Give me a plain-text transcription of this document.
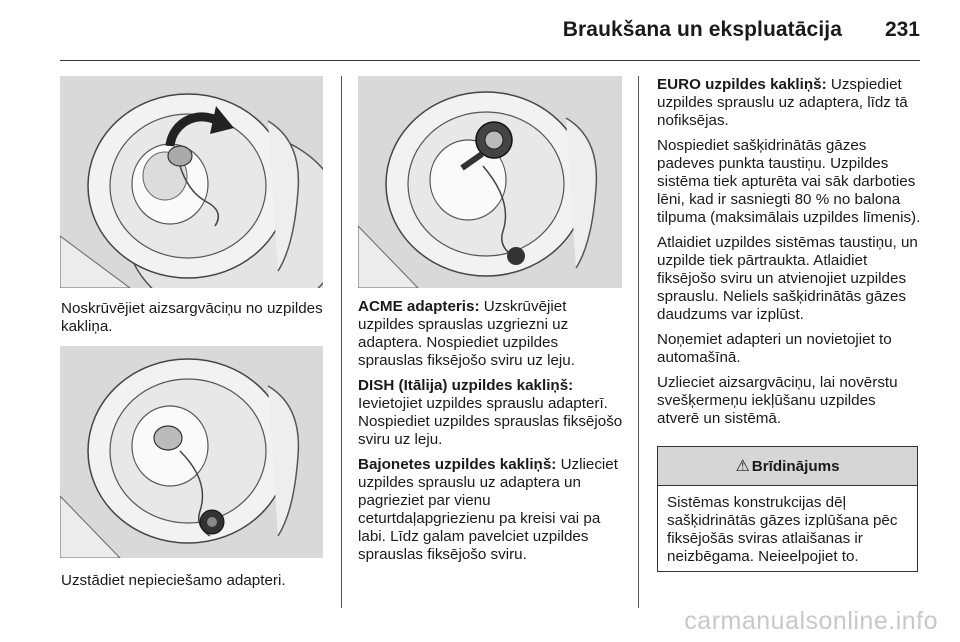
Braukšana un ekspluatācija 231
Noskrūvējiet aizsargvāciņu no uzpildes kakliņa.
Uzstādiet nepieciešamo adapteri.

ACME adapteris: Uzskrūvējiet uzpildes sprauslas uzgriezni uz adaptera. Nospiediet uzpildes sprauslas fiksējošo sviru uz leju.

DISH (Itālija) uzpildes kakliņš: Ievietojiet uzpildes sprauslu adapterī. Nospiediet uzpildes sprauslas fiksējošo sviru uz leju.

Bajonetes uzpildes kakliņš: Uzlieciet uzpildes sprauslu uz adaptera un pagrieziet par vienu ceturtdaļapgriezienu pa kreisi vai pa labi. Līdz galam pavelciet uzpildes sprauslas fiksējošo sviru.

EURO uzpildes kakliņš: Uzspiediet uzpildes sprauslu uz adaptera, līdz tā nofiksējas.

Nospiediet sašķidrinātās gāzes padeves punkta taustiņu. Uzpildes sistēma tiek apturēta vai sāk darboties lēni, kad ir sasniegti 80 % no balona tilpuma (maksimālais uzpildes līmenis).

Atlaidiet uzpildes sistēmas taustiņu, un uzpilde tiek pārtraukta. Atlaidiet fiksējošo sviru un atvienojiet uzpildes sprauslu. Neliels sašķidrinātās gāzes daudzums var izplūst.

Noņemiet adapteri un novietojiet to automašīnā.

Uzlieciet aizsargvāciņu, lai novērstu svešķermeņu iekļūšanu uzpildes atverē un sistēmā.

⚠ Brīdinājums
Sistēmas konstrukcijas dēļ sašķidrinātās gāzes izplūšana pēc fiksējošās sviras atlaišanas ir neizbēgama. Neieelpojiet to.
carmanualsonline.info
